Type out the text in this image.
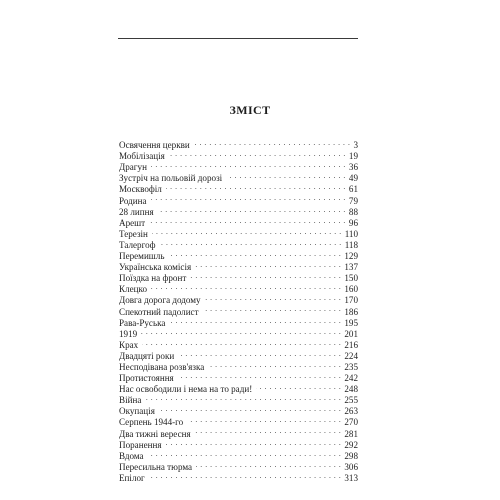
ЗМІСТ
Освячення церкви . . .	3
Мобілізація . . .	19
Драгун . . .	36
Зустріч на польовій дорозі . . .	49
Москвофіл . . .	61
Родина . . .	79
28 липня . . .	88
Арешт . . .	96
Терезін . . .	110
Талергоф . . .	118
Перемишль . . .	129
Українська комісія . . .	137
Поїздка на фронт . . .	150
Клецко . . .	160
Довга дорога додому . . .	170
Спекотний падолист . . .	186
Рава-Руська . . .	195
1919 . . .	201
Крах . . .	216
Двадцяті роки . . .	224
Несподівана розв'язка . . .	235
Протистояння . . .	242
Нас освободили і нема на то ради! . . .	248
Війна . . .	255
Окупація . . .	263
Серпень 1944-го . . .	270
Два тижні вересня . . .	281
Поранення . . .	292
Вдома . . .	298
Пересильна тюрма . . .	306
Епілог . . .	313
